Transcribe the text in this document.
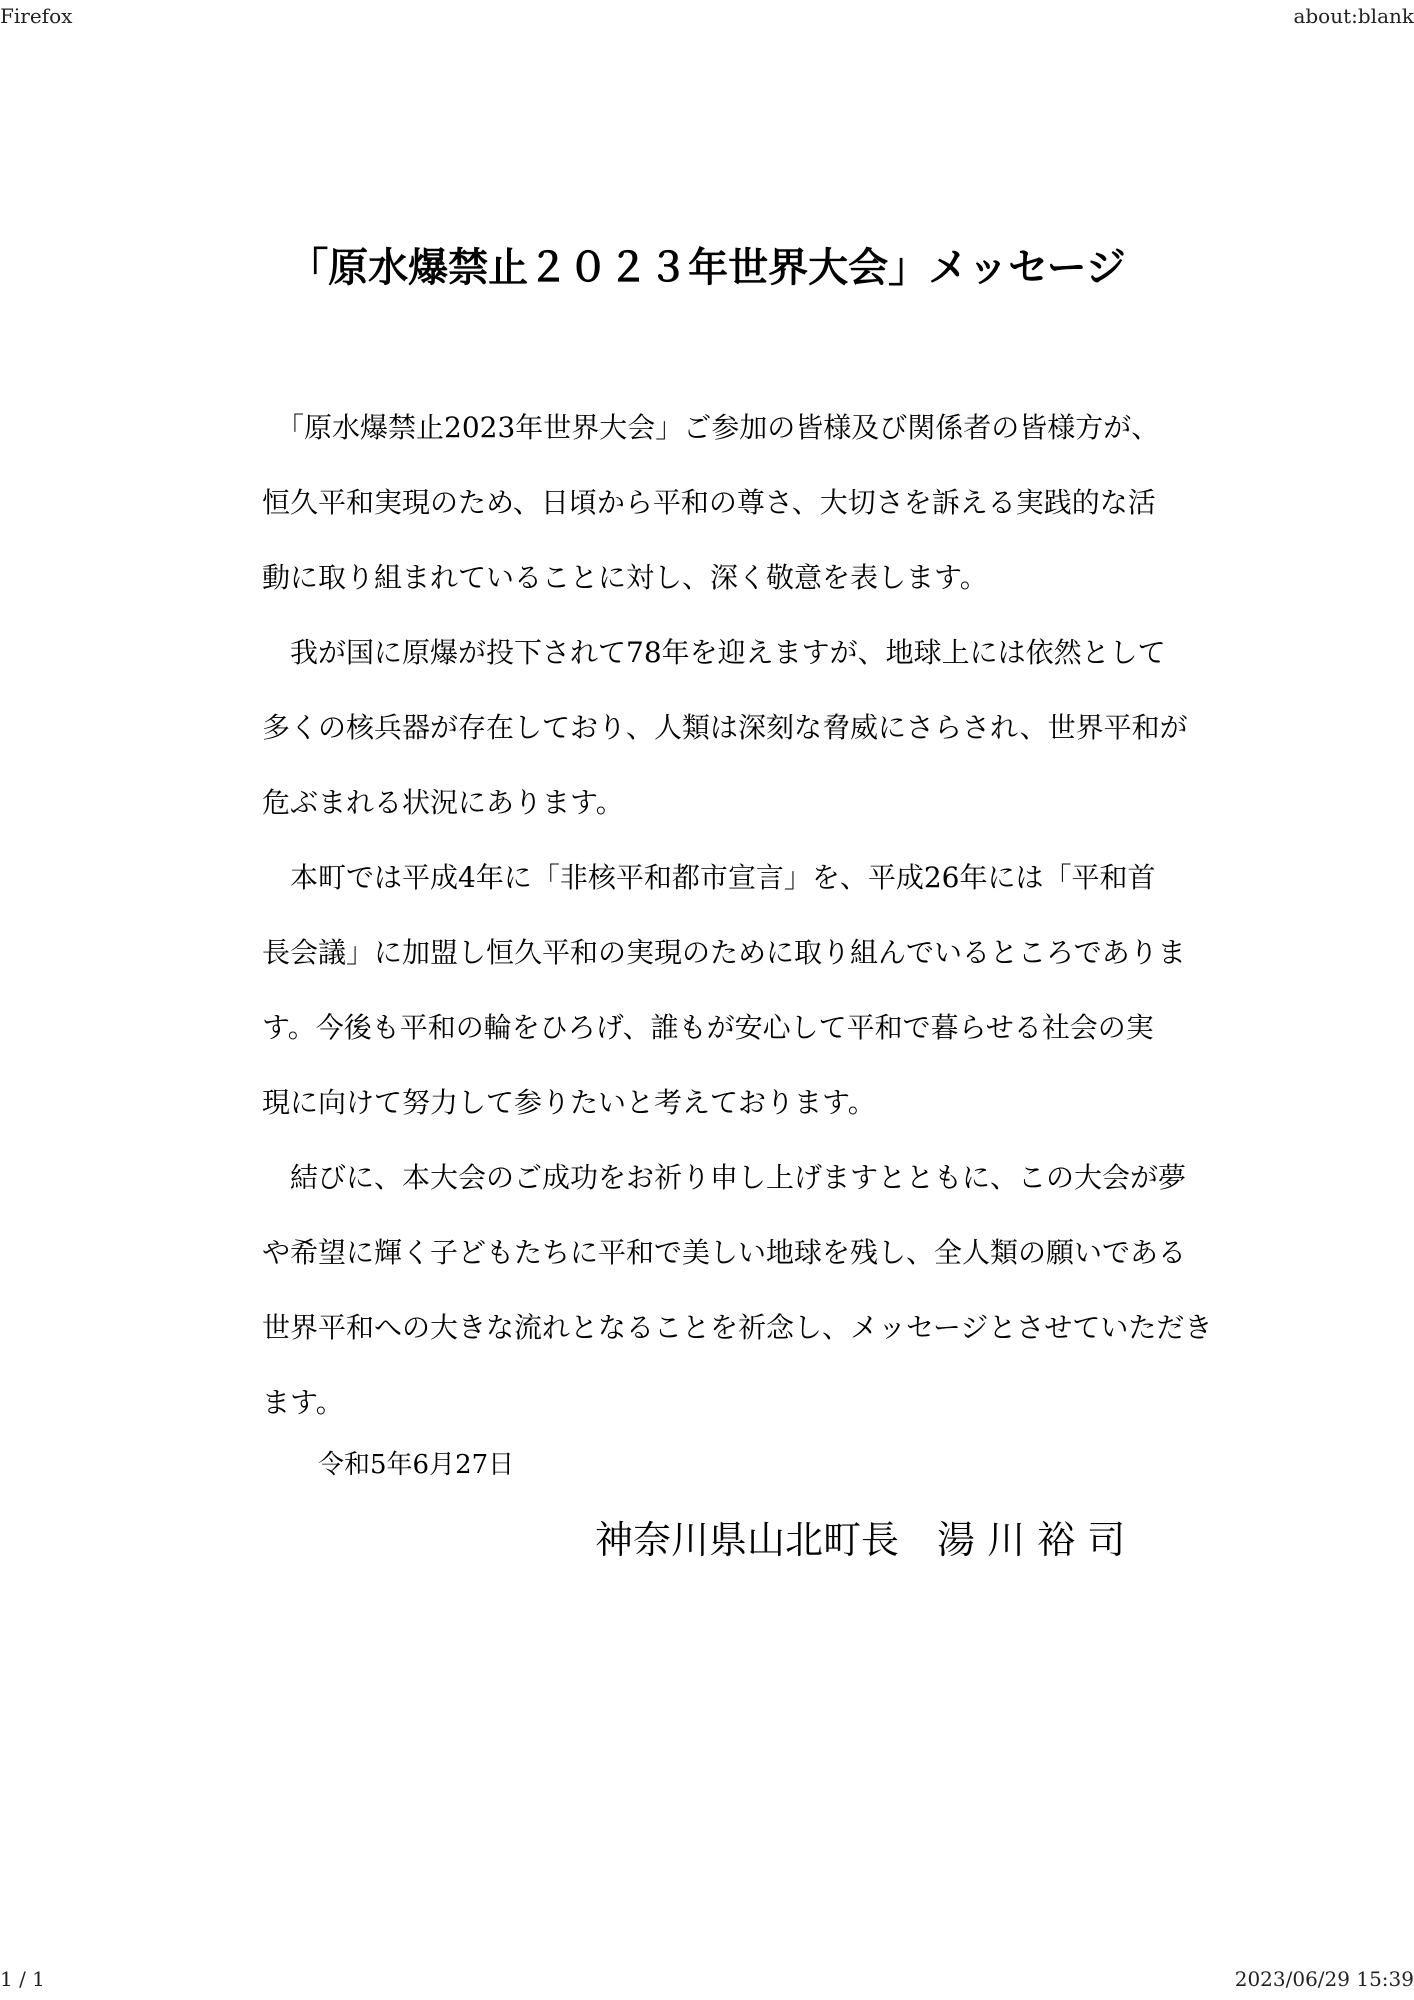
Firefox	about:blank
「原水爆禁止２０２３年世界大会」メッセージ
　「原水爆禁止2023年世界大会」ご参加の皆様及び関係者の皆様方が、
恒久平和実現のため、日頃から平和の尊さ、大切さを訴える実践的な活
動に取り組まれていることに対し、深く敬意を表します。
　我が国に原爆が投下されて78年を迎えますが、地球上には依然として
多くの核兵器が存在しており、人類は深刻な脅威にさらされ、世界平和が
危ぶまれる状況にあります。
　本町では平成4年に「非核平和都市宣言」を、平成26年には「平和首
長会議」に加盟し恒久平和の実現のために取り組んでいるところでありま
す。今後も平和の輪をひろげ、誰もが安心して平和で暮らせる社会の実
現に向けて努力して参りたいと考えております。
　結びに、本大会のご成功をお祈り申し上げますとともに、この大会が夢
や希望に輝く子どもたちに平和で美しい地球を残し、全人類の願いである
世界平和への大きな流れとなることを祈念し、メッセージとさせていただき
ます。
令和5年6月27日
神奈川県山北町長　湯 川 裕 司
1 / 1	2023/06/29 15:39
